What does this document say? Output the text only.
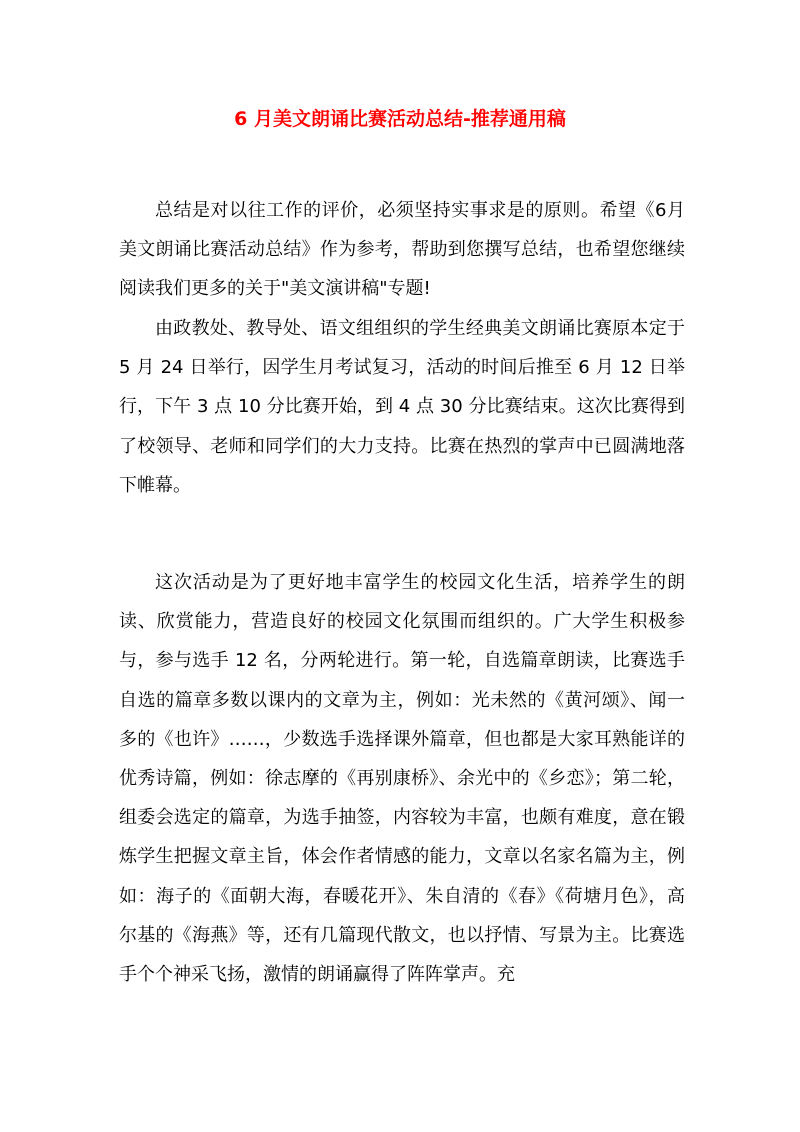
6 月美文朗诵比赛活动总结-推荐通用稿

总结是对以往工作的评价，必须坚持实事求是的原则。希望《6月美文朗诵比赛活动总结》作为参考，帮助到您撰写总结，也希望您继续阅读我们更多的关于"美文演讲稿"专题!

由政教处、教导处、语文组组织的学生经典美文朗诵比赛原本定于 5 月 24 日举行，因学生月考试复习，活动的时间后推至 6 月 12 日举行，下午 3 点 10 分比赛开始，到 4 点 30 分比赛结束。这次比赛得到了校领导、老师和同学们的大力支持。比赛在热烈的掌声中已圆满地落下帷幕。

这次活动是为了更好地丰富学生的校园文化生活，培养学生的朗读、欣赏能力，营造良好的校园文化氛围而组织的。广大学生积极参与，参与选手 12 名，分两轮进行。第一轮，自选篇章朗读，比赛选手自选的篇章多数以课内的文章为主，例如：光未然的《黄河颂》、闻一多的《也许》……，少数选手选择课外篇章，但也都是大家耳熟能详的优秀诗篇，例如：徐志摩的《再别康桥》、余光中的《乡恋》；第二轮，组委会选定的篇章，为选手抽签，内容较为丰富，也颇有难度，意在锻炼学生把握文章主旨，体会作者情感的能力，文章以名家名篇为主，例如：海子的《面朝大海，春暖花开》、朱自清的《春》《荷塘月色》，高尔基的《海燕》等，还有几篇现代散文，也以抒情、写景为主。比赛选手个个神采飞扬，激情的朗诵赢得了阵阵掌声。充
